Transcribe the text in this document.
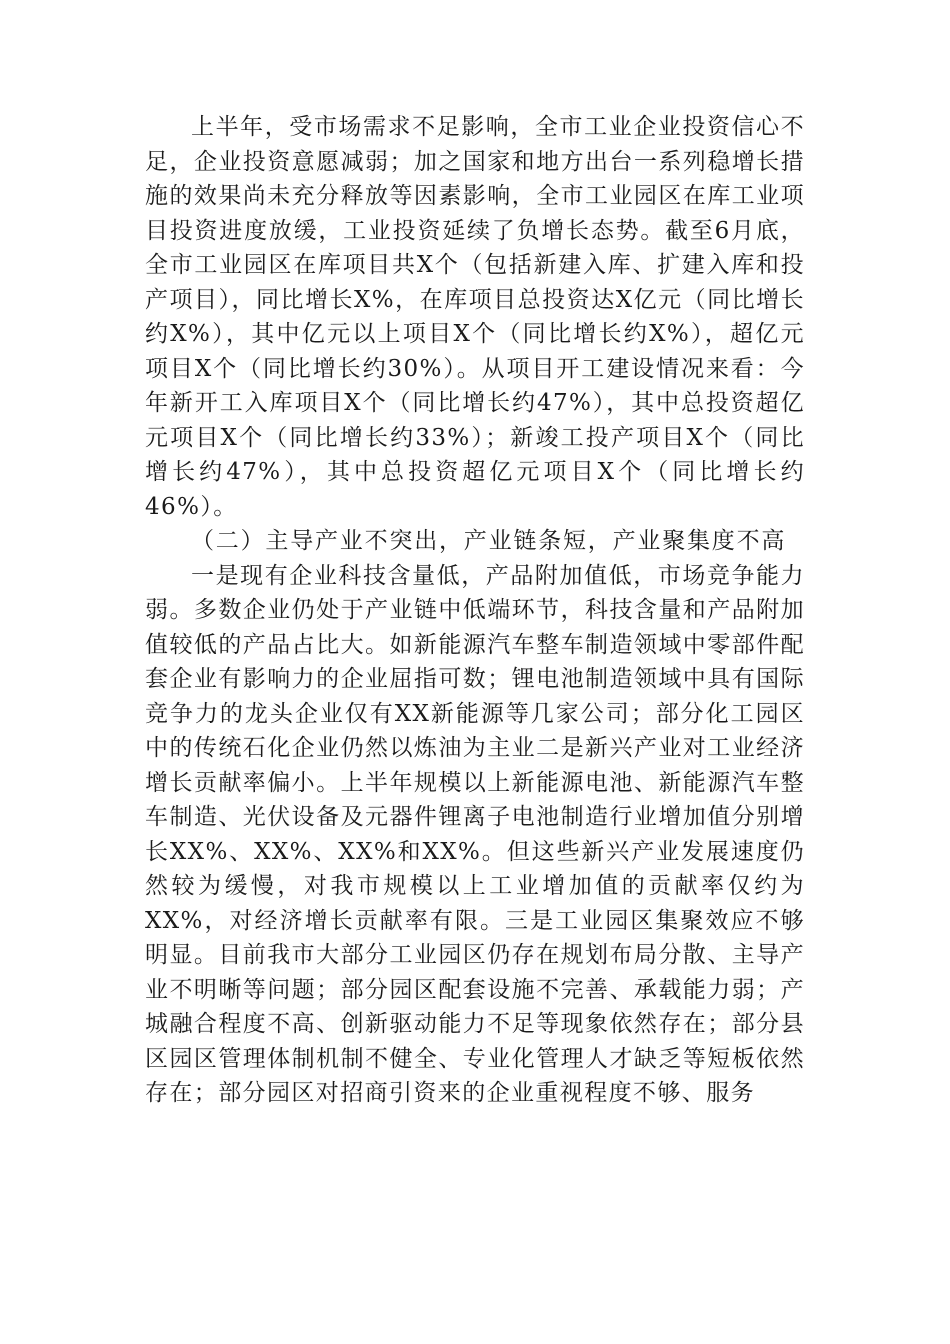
上半年，受市场需求不足影响，全市工业企业投资信心不足，企业投资意愿减弱；加之国家和地方出台一系列稳增长措施的效果尚未充分释放等因素影响，全市工业园区在库工业项目投资进度放缓，工业投资延续了负增长态势。截至6月底，全市工业园区在库项目共X个（包括新建入库、扩建入库和投产项目），同比增长X%，在库项目总投资达X亿元（同比增长约X%），其中亿元以上项目X个（同比增长约X%），超亿元项目X个（同比增长约30%）。从项目开工建设情况来看：今年新开工入库项目X个（同比增长约47%），其中总投资超亿元项目X个（同比增长约33%）；新竣工投产项目X个（同比增长约47%），其中总投资超亿元项目X个（同比增长约46%）。

（二）主导产业不突出，产业链条短，产业聚集度不高

一是现有企业科技含量低，产品附加值低，市场竞争能力弱。多数企业仍处于产业链中低端环节，科技含量和产品附加值较低的产品占比大。如新能源汽车整车制造领域中零部件配套企业有影响力的企业屈指可数；锂电池制造领域中具有国际竞争力的龙头企业仅有XX新能源等几家公司；部分化工园区中的传统石化企业仍然以炼油为主业二是新兴产业对工业经济增长贡献率偏小。上半年规模以上新能源电池、新能源汽车整车制造、光伏设备及元器件锂离子电池制造行业增加值分别增长XX%、XX%、XX%和XX%。但这些新兴产业发展速度仍然较为缓慢，对我市规模以上工业增加值的贡献率仅约为XX%，对经济增长贡献率有限。三是工业园区集聚效应不够明显。目前我市大部分工业园区仍存在规划布局分散、主导产业不明晰等问题；部分园区配套设施不完善、承载能力弱；产城融合程度不高、创新驱动能力不足等现象依然存在；部分县区园区管理体制机制不健全、专业化管理人才缺乏等短板依然存在；部分园区对招商引资来的企业重视程度不够、服务
